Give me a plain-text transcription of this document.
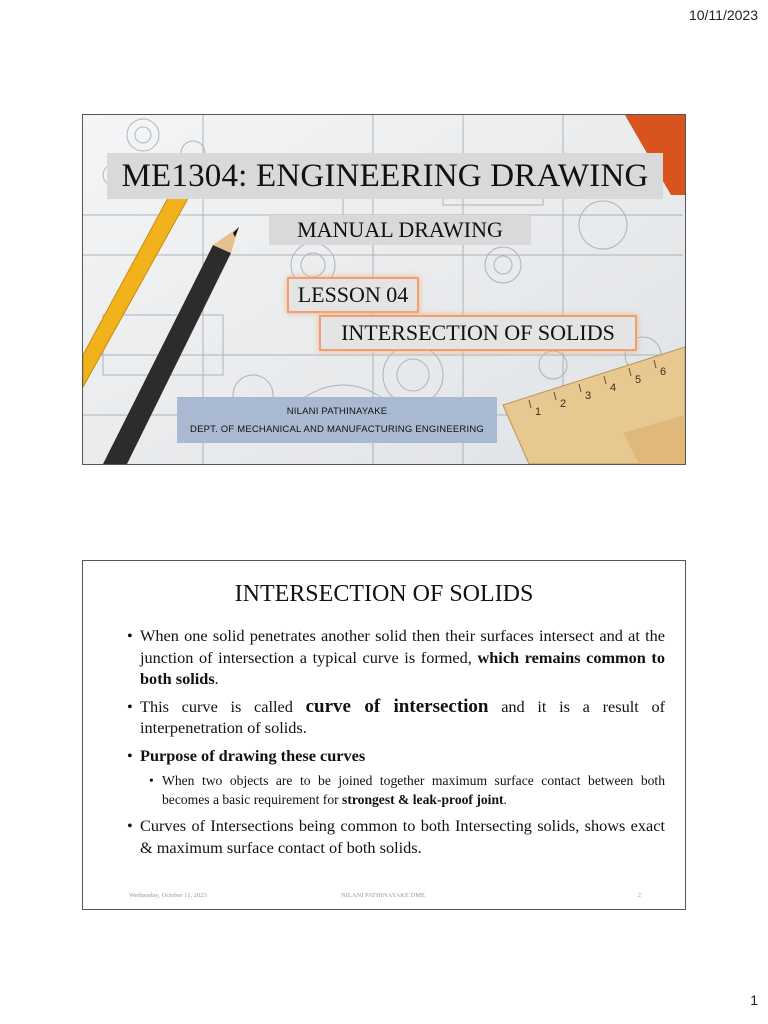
10/11/2023
1
2
3
4
5
6
ME1304: ENGINEERING DRAWING
MANUAL DRAWING
LESSON 04
INTERSECTION OF SOLIDS
NILANI PATHINAYAKE
DEPT. OF MECHANICAL AND MANUFACTURING ENGINEERING
INTERSECTION OF SOLIDS
• When one solid penetrates another solid then their surfaces intersect and at the junction of intersection a typical curve is formed, which remains common to both solids.
• This curve is called curve of intersection and it is a result of interpenetration of solids.
• Purpose of drawing these curves
• When two objects are to be joined together maximum surface contact between both becomes a basic requirement for strongest & leak-proof joint.
• Curves of Intersections being common to both Intersecting solids, shows exact & maximum surface contact of both solids.
Wednesday, October 11, 2023	NILANI PATHINAYAKE DME	2
1
